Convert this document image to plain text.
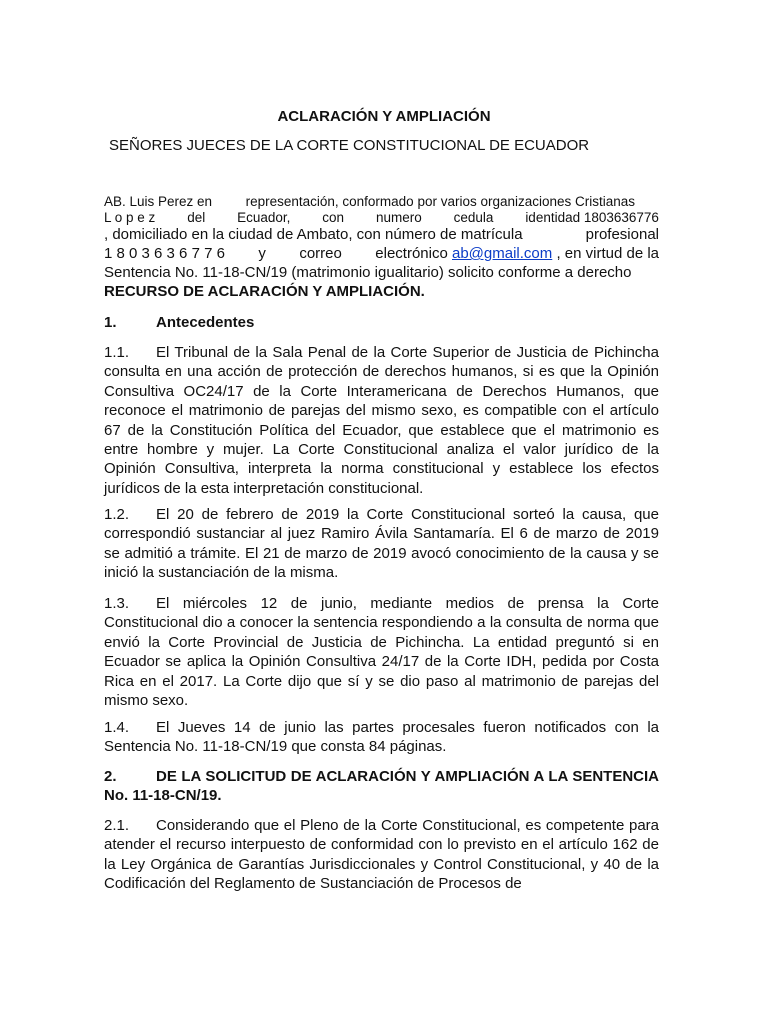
ACLARACIÓN Y AMPLIACIÓN
SEÑORES JUECES DE LA CORTE CONSTITUCIONAL DE ECUADOR
AB. Luis Perez en representación, conformado por varios organizaciones Cristianas
L o p e z del Ecuador, con numero cedula identidad 1803636776
, domiciliado en la ciudad de Ambato, con número de matrícula	profesional
1 8 0 3 6 3 6 7 7 6 y correo electrónico ab@gmail.com , en virtud de la
Sentencia No. 11-18-CN/19 (matrimonio igualitario) solicito conforme a derecho
RECURSO DE ACLARACIÓN Y AMPLIACIÓN.
1.	Antecedentes
1.1. El Tribunal de la Sala Penal de la Corte Superior de Justicia de Pichincha consulta en una acción de protección de derechos humanos, si es que la Opinión Consultiva OC24/17 de la Corte Interamericana de Derechos Humanos, que reconoce el matrimonio de parejas del mismo sexo, es compatible con el artículo 67 de la Constitución Política del Ecuador, que establece que el matrimonio es entre hombre y mujer. La Corte Constitucional analiza el valor jurídico de la Opinión Consultiva, interpreta la norma constitucional y establece los efectos jurídicos de la esta interpretación constitucional.
1.2. El 20 de febrero de 2019 la Corte Constitucional sorteó la causa, que correspondió sustanciar al juez Ramiro Ávila Santamaría. El 6 de marzo de 2019 se admitió a trámite. El 21 de marzo de 2019 avocó conocimiento de la causa y se inició la sustanciación de la misma.
1.3. El miércoles 12 de junio, mediante medios de prensa la Corte Constitucional dio a conocer la sentencia respondiendo a la consulta de norma que envió la Corte Provincial de Justicia de Pichincha. La entidad preguntó si en Ecuador se aplica la Opinión Consultiva 24/17 de la Corte IDH, pedida por Costa Rica en el 2017. La Corte dijo que sí y se dio paso al matrimonio de parejas del mismo sexo.
1.4. El Jueves 14 de junio las partes procesales fueron notificados con la Sentencia No. 11-18-CN/19 que consta 84 páginas.
2.	DE LA SOLICITUD DE ACLARACIÓN Y AMPLIACIÓN A LA SENTENCIA No. 11-18-CN/19.
2.1. Considerando que el Pleno de la Corte Constitucional, es competente para atender el recurso interpuesto de conformidad con lo previsto en el artículo 162 de la Ley Orgánica de Garantías Jurisdiccionales y Control Constitucional, y 40 de la Codificación del Reglamento de Sustanciación de Procesos de
